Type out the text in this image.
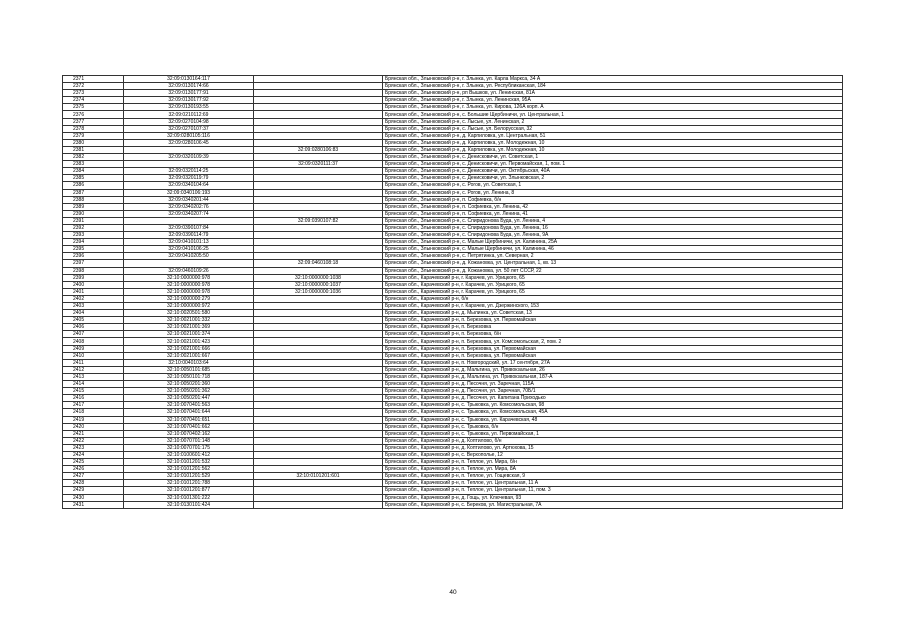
2371	32:09:0130164:117		Брянская обл., Злынковский р-н, г. Злынка, ул. Карла Маркса, 34 А
2372	32:09:0130174:66		Брянская обл., Злынковский р-н, г. Злынка, ул. Республиканская, 184
2373	32:09:0130177:91		Брянская обл., Злынковский р-н, рп Вышков, ул. Ленинская, 81А
2374	32:09:0130177:92		Брянская обл., Злынковский р-н, г. Злынка, ул. Ленинская, 95А
2375	32:09:0130193:55		Брянская обл., Злынковский р-н, г. Злынка, ул. Кирова, 126А корп. А
2376	32:09:0210112:69		Брянская обл., Злынковский р-н, с. Большие Щербиничи, ул. Центральная, 1
2377	32:09:0270104:98		Брянская обл., Злынковский р-н, с. Лысые, ул. Ленинская, 2
2378	32:09:0270107:37		Брянская обл., Злынковский р-н, с. Лысые, ул. Белорусская, 32
2379	32:09:0280105:116		Брянская обл., Злынковский р-н, д. Карпиловка, ул. Центральная, 51
2380	32:09:0280106:45		Брянская обл., Злынковский р-н, д. Карпиловка, ул. Молодежная, 10
2381		32:09:0280106:83	Брянская обл., Злынковский р-н, д. Карпиловка, ул. Молодежная, 10
2382	32:09:0320109:39		Брянская обл., Злынковский р-н, с. Денисковичи, ул. Советская, 1
2383		32:09:0320111:37	Брянская обл., Злынковский р-н, с. Денисковичи, ул. Первомайская, 1, пом. 1
2384	32:09:0320114:25		Брянская обл., Злынковский р-н, с. Денисковичи, ул. Октябрьская, 40А
2385	32:09:0320119:79		Брянская обл., Злынковский р-н, с. Денисковичи, ул. Злынковская, 2
2386	32:09:0340104:64		Брянская обл., Злынковский р-н, с. Рогов, ул. Советская, 1
2387	32:09:0340106:193		Брянская обл., Злынковский р-н, с. Рогов, ул. Ленина, 8
2388	32:09:0340201:44		Брянская обл., Злынковский р-н, п. Софиевка, б/н
2389	32:09:0340202:76		Брянская обл., Злынковский р-н, п. Софиевка, ул. Ленина, 42
2390	32:09:0340207:74		Брянская обл., Злынковский р-н, п. Софиевка, ул. Ленина, 41
2391		32:09:0390107:82	Брянская обл., Злынковский р-н, с. Спиридонова Буда, ул. Ленина, 4
2392	32:09:0390107:84		Брянская обл., Злынковский р-н, с. Спиридонова Буда, ул. Ленина, 16
2393	32:09:0390114:79		Брянская обл., Злынковский р-н, с. Спиридонова Буда, ул. Ленина, 9А
2394	32:09:0410101:13		Брянская обл., Злынковский р-н, с. Малые Щербиничи, ул. Калинина, 25А
2395	32:09:0410106:25		Брянская обл., Злынковский р-н, с. Малые Щербиничи, ул. Калинина, 46
2396	32:09:0410205:50		Брянская обл., Злынковский р-н, с. Петрятинка, ул. Северная, 2
2397		32:09:0460108:18	Брянская обл., Злынковский р-н, д. Кожановка, ул. Центральная, 1, кв. 13
2398	32:09:0460109:26		Брянская обл., Злынковский р-н, д. Кожановка, ул. 50 лет СССР, 22
2399	32:10:0000000:978	32:10:0000000:1038	Брянская обл., Карачевский р-н, г. Карачев, ул. Урицкого, 65
2400	32:10:0000000:978	32:10:0000000:1037	Брянская обл., Карачевский р-н, г. Карачев, ул. Урицкого, 65
2401	32:10:0000000:978	32:10:0000000:1036	Брянская обл., Карачевский р-н, г. Карачев, ул. Урицкого, 65
2402	32:10:0000000:279		Брянская обл., Карачевский р-н, б/н
2403	32:10:0000000:972		Брянская обл., Карачевский р-н, г. Карачев, ул. Дзержинского, 153
2404	32:10:0020501:580		Брянская обл., Карачевский р-н, д. Мылинка, ул. Советская, 13
2405	32:10:0021001:332		Брянская обл., Карачевский р-н, п. Березовка, ул. Первомайская
2406	32:10:0021001:369		Брянская обл., Карачевский р-н, п. Березовка
2407	32:10:0021001:374		Брянская обл., Карачевский р-н, п. Березовка, б/н
2408	32:10:0021001:423		Брянская обл., Карачевский р-н, п. Березовка, ул. Комсомольская, 2, пом. 2
2409	32:10:0021001:666		Брянская обл., Карачевский р-н, п. Березовка, ул. Первомайская
2410	32:10:0021001:667		Брянская обл., Карачевский р-н, п. Березовка, ул. Первомайская
2411	32:10:0040103:64		Брянская обл., Карачевский р-н, п. Новгородский, ул. 17 сентября, 27А
2412	32:10:0050101:685		Брянская обл., Карачевский р-н, д. Мальтина, ул. Привокзальная, 26
2413	32:10:0050101:718		Брянская обл., Карачевский р-н, д. Мальтина, ул. Привокзальная, 187-А
2414	32:10:0050201:360		Брянская обл., Карачевский р-н, д. Песочня, ул. Заречная, 115А
2415	32:10:0050201:362		Брянская обл., Карачевский р-н, д. Песочня, ул. Заречная, 70Б/1
2416	32:10:0050201:447		Брянская обл., Карачевский р-н, д. Песочня, ул. Капитана Приходько
2417	32:10:0070401:563		Брянская обл., Карачевский р-н, с. Трыковка, ул. Комсомольская, 98
2418	32:10:0070401:644		Брянская обл., Карачевский р-н, с. Трыковка, ул. Комсомольская, 45А
2419	32:10:0070401:651		Брянская обл., Карачевский р-н, с. Трыковка, ул. Карачевская, 48
2420	32:10:0070401:662		Брянская обл., Карачевский р-н, с. Трыковка, б/н
2421	32:10:0070402:162		Брянская обл., Карачевский р-н, с. Трыковка, ул. Первомайская, 1
2422	32:10:0070701:148		Брянская обл., Карачевский р-н, д. Коптилово, б/н
2423	32:10:0070701:175		Брянская обл., Карачевский р-н, д. Коптилово, ул. Артюхова, 15
2424	32:10:0100601:412		Брянская обл., Карачевский р-н, с. Верхополье, 12
2425	32:10:0101201:532		Брянская обл., Карачевский р-н, п. Теплое, ул. Мира, б/н
2426	32:10:0101201:562		Брянская обл., Карачевский р-н, п. Теплое, ул. Мира, 8А
2427	32:10:0101201:529	32:10:0101201:601	Брянская обл., Карачевский р-н, п. Теплое, ул. Гощевская, 9
2428	32:10:0101201:788		Брянская обл., Карачевский р-н, п. Теплое, ул. Центральная, 11 А
2429	32:10:0101201:877		Брянская обл., Карачевский р-н, п. Теплое, ул. Центральная, 11, пом. 3
2430	32:10:0101301:222		Брянская обл., Карачевский р-н, д. Гощь, ул. Ключевая, 93
2431	32:10:0130101:424		Брянская обл., Карачевский р-н, с. Береков, ул. Магистральная, 7А
40
